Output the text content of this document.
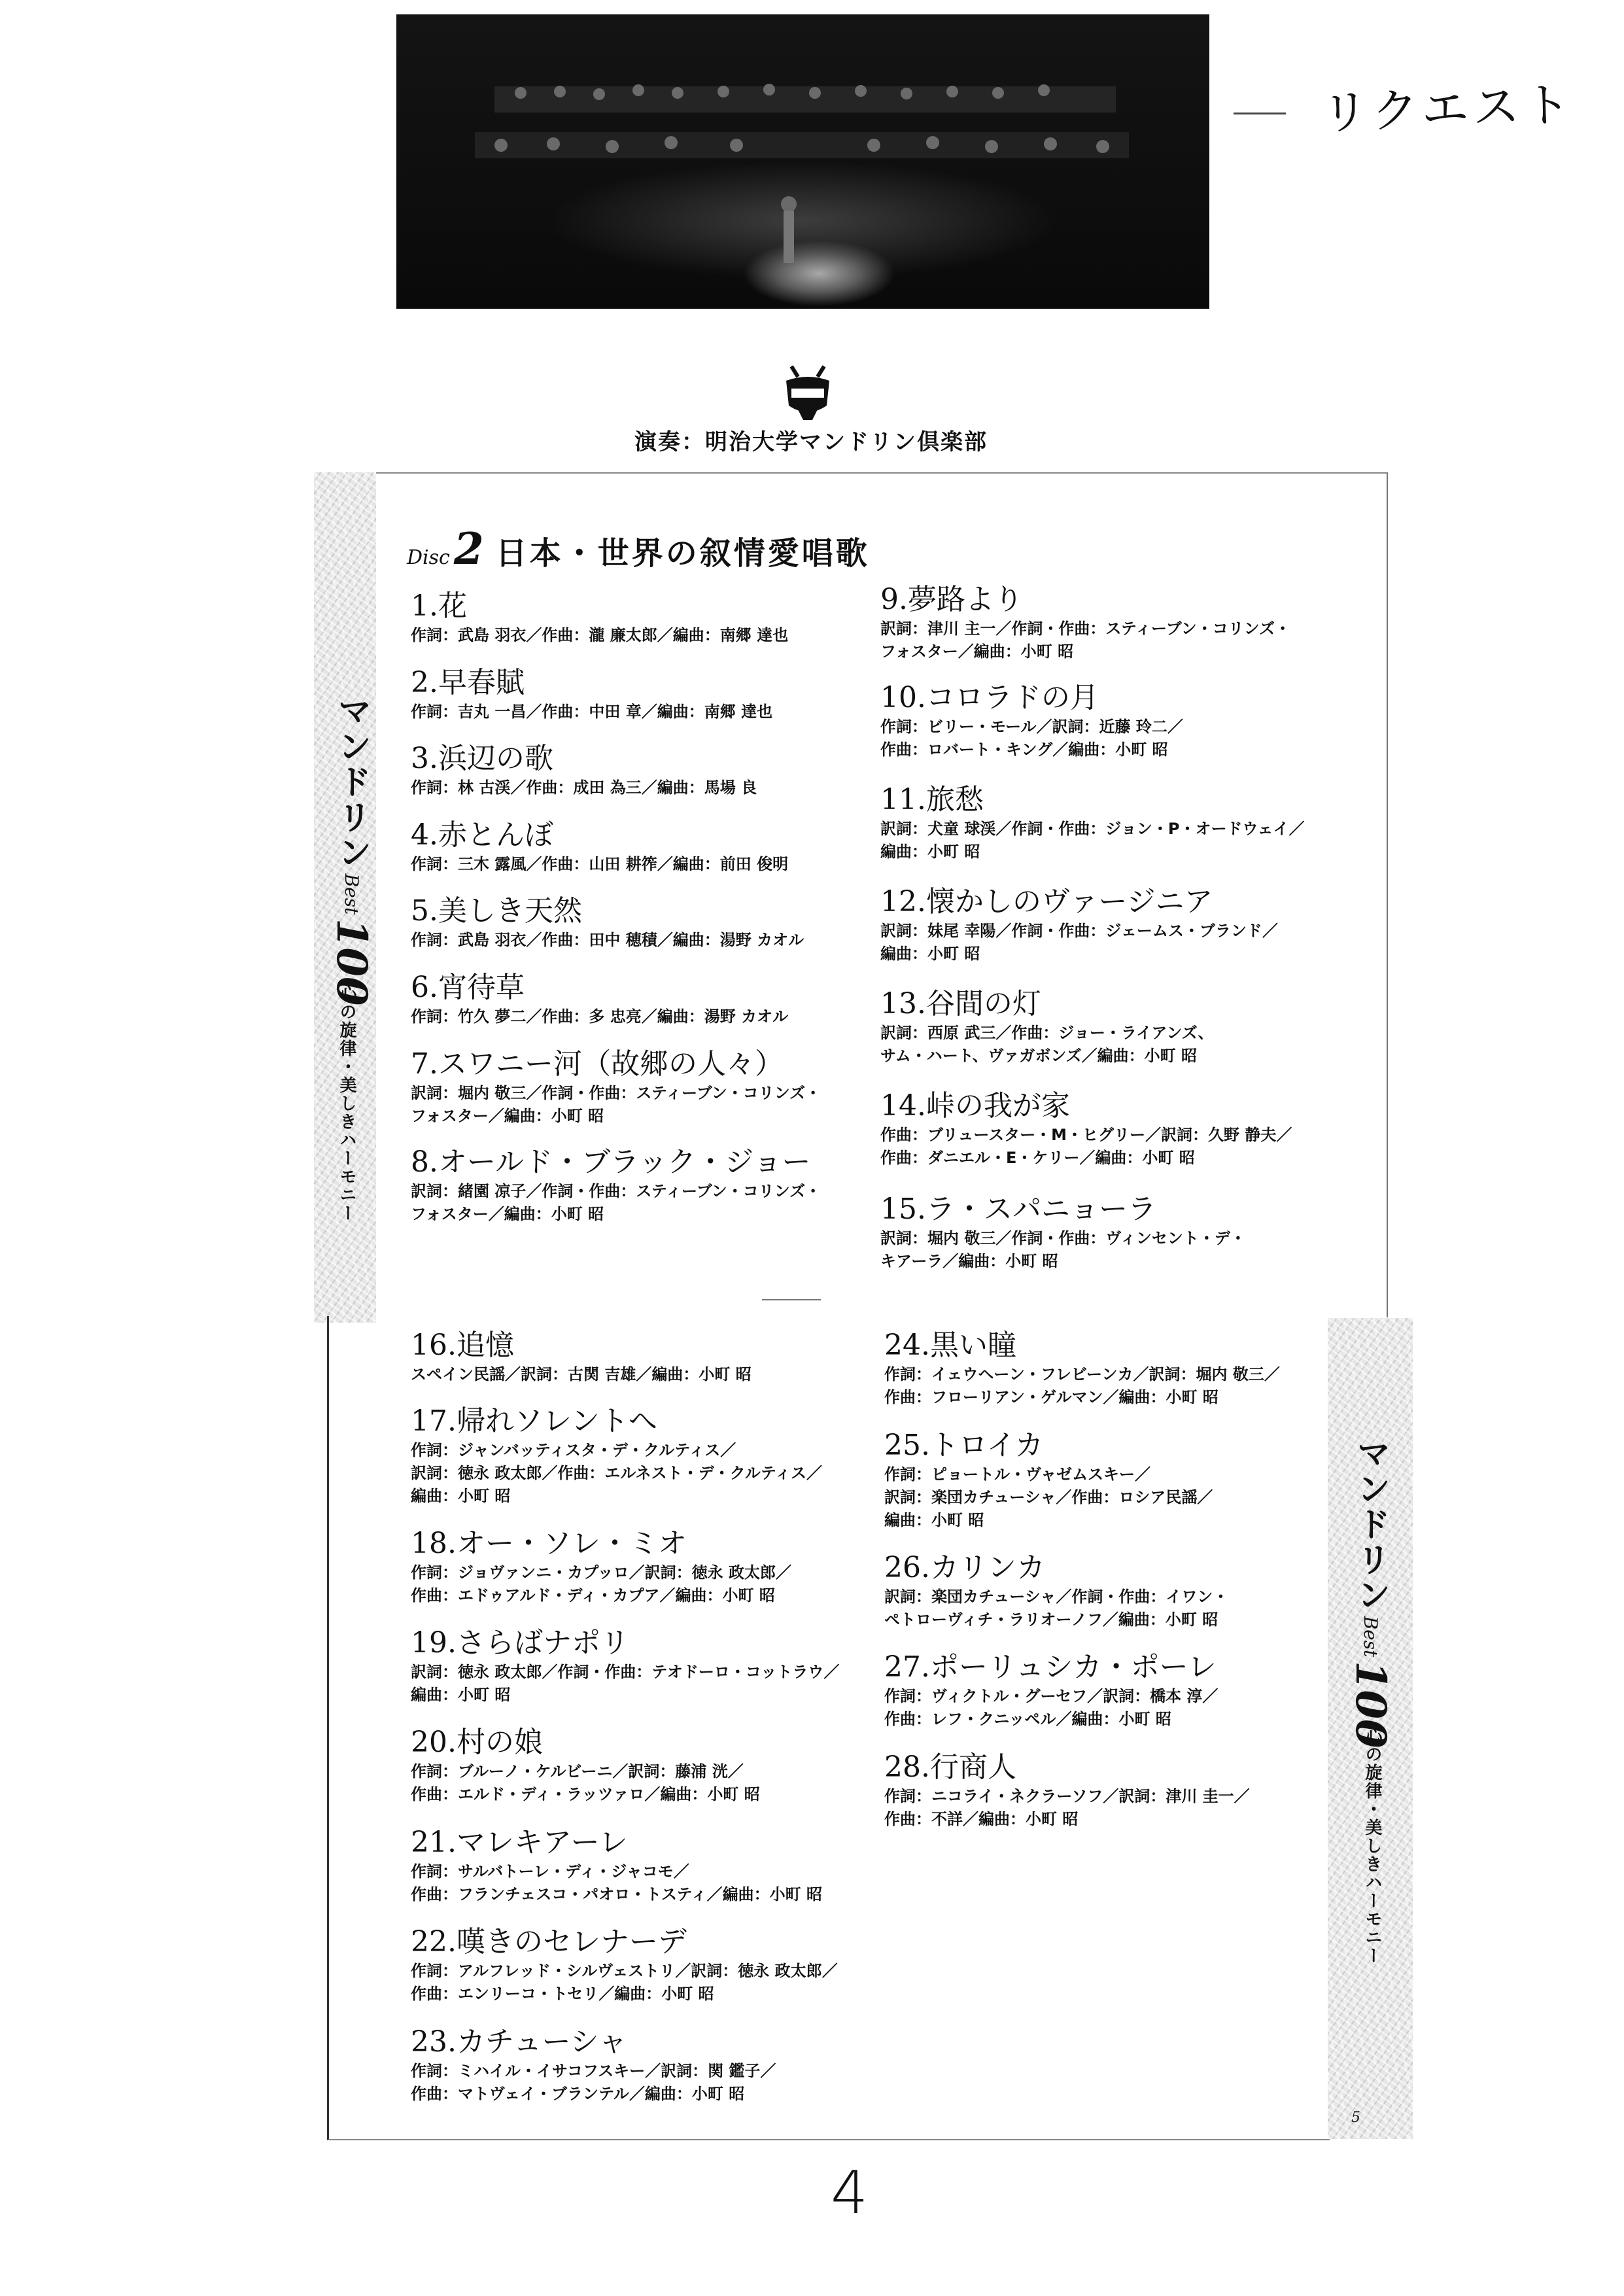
リクエスト
演奏：明治大学マンドリン倶楽部
マンドリン Best 100
心の旋律・美しきハーモニー
マンドリン Best 100
心の旋律・美しきハーモニー
Disc2 日本・世界の叙情愛唱歌
1.花
作詞：武島 羽衣／作曲：瀧 廉太郎／編曲：南郷 達也
2.早春賦
作詞：吉丸 一昌／作曲：中田 章／編曲：南郷 達也
3.浜辺の歌
作詞：林 古渓／作曲：成田 為三／編曲：馬場 良
4.赤とんぼ
作詞：三木 露風／作曲：山田 耕筰／編曲：前田 俊明
5.美しき天然
作詞：武島 羽衣／作曲：田中 穂積／編曲：湯野 カオル
6.宵待草
作詞：竹久 夢二／作曲：多 忠亮／編曲：湯野 カオル
7.スワニー河（故郷の人々）
訳詞：堀内 敬三／作詞・作曲：スティーブン・コリンズ・
フォスター／編曲：小町 昭
8.オールド・ブラック・ジョー
訳詞：緒園 凉子／作詞・作曲：スティーブン・コリンズ・
フォスター／編曲：小町 昭
9.夢路より
訳詞：津川 主一／作詞・作曲：スティーブン・コリンズ・
フォスター／編曲：小町 昭
10.コロラドの月
作詞：ビリー・モール／訳詞：近藤 玲二／
作曲：ロバート・キング／編曲：小町 昭
11.旅愁
訳詞：犬童 球渓／作詞・作曲：ジョン・P・オードウェイ／
編曲：小町 昭
12.懐かしのヴァージニア
訳詞：妹尾 幸陽／作詞・作曲：ジェームス・ブランド／
編曲：小町 昭
13.谷間の灯
訳詞：西原 武三／作曲：ジョー・ライアンズ、
サム・ハート、ヴァガボンズ／編曲：小町 昭
14.峠の我が家
作曲：ブリュースター・M・ヒグリー／訳詞：久野 静夫／
作曲：ダニエル・E・ケリー／編曲：小町 昭
15.ラ・スパニョーラ
訳詞：堀内 敬三／作詞・作曲：ヴィンセント・デ・
キアーラ／編曲：小町 昭
16.追憶
スペイン民謡／訳詞：古関 吉雄／編曲：小町 昭
17.帰れソレントへ
作詞：ジャンバッティスタ・デ・クルティス／
訳詞：徳永 政太郎／作曲：エルネスト・デ・クルティス／
編曲：小町 昭
18.オー・ソレ・ミオ
作詞：ジョヴァンニ・カプッロ／訳詞：徳永 政太郎／
作曲：エドゥアルド・ディ・カプア／編曲：小町 昭
19.さらばナポリ
訳詞：徳永 政太郎／作詞・作曲：テオドーロ・コットラウ／
編曲：小町 昭
20.村の娘
作詞：ブルーノ・ケルビーニ／訳詞：藤浦 洸／
作曲：エルド・ディ・ラッツァロ／編曲：小町 昭
21.マレキアーレ
作詞：サルバトーレ・ディ・ジャコモ／
作曲：フランチェスコ・パオロ・トスティ／編曲：小町 昭
22.嘆きのセレナーデ
作詞：アルフレッド・シルヴェストリ／訳詞：徳永 政太郎／
作曲：エンリーコ・トセリ／編曲：小町 昭
23.カチューシャ
作詞：ミハイル・イサコフスキー／訳詞：関 鑑子／
作曲：マトヴェイ・ブランテル／編曲：小町 昭
24.黒い瞳
作詞：イェウヘーン・フレビーンカ／訳詞：堀内 敬三／
作曲：フローリアン・ゲルマン／編曲：小町 昭
25.トロイカ
作詞：ピョートル・ヴャゼムスキー／
訳詞：楽団カチューシャ／作曲：ロシア民謡／
編曲：小町 昭
26.カリンカ
訳詞：楽団カチューシャ／作詞・作曲：イワン・
ペトローヴィチ・ラリオーノフ／編曲：小町 昭
27.ポーリュシカ・ポーレ
作詞：ヴィクトル・グーセフ／訳詞：橋本 淳／
作曲：レフ・クニッペル／編曲：小町 昭
28.行商人
作詞：ニコライ・ネクラーソフ／訳詞：津川 圭一／
作曲：不詳／編曲：小町 昭
5
4
